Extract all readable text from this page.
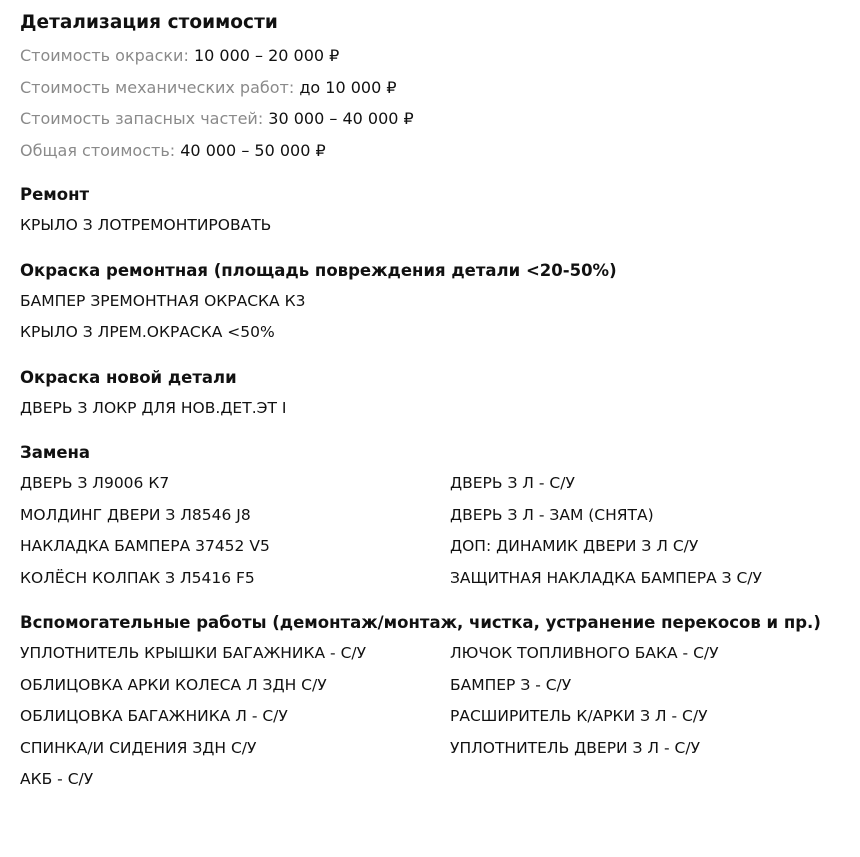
Детализация стоимости
Стоимость окраски: 10 000 – 20 000 ₽
Стоимость механических работ: до 10 000 ₽
Стоимость запасных частей: 30 000 – 40 000 ₽
Общая стоимость: 40 000 – 50 000 ₽
Ремонт
КРЫЛО З ЛОТРЕМОНТИРОВАТЬ
Окраска ремонтная (площадь повреждения детали <20-50%)
БАМПЕР ЗРЕМОНТНАЯ ОКРАСКА К3
КРЫЛО З ЛРЕМ.ОКРАСКА <50%
Окраска новой детали
ДВЕРЬ З ЛОКР ДЛЯ НОВ.ДЕТ.ЭТ I
Замена
ДВЕРЬ З Л9006 К7	ДВЕРЬ З Л - С/У
МОЛДИНГ ДВЕРИ З Л8546 J8	ДВЕРЬ З Л - ЗАМ (СНЯТА)
НАКЛАДКА БАМПЕРА 37452 V5	ДОП: ДИНАМИК ДВЕРИ З Л С/У
КОЛЁСН КОЛПАК З Л5416 F5	ЗАЩИТНАЯ НАКЛАДКА БАМПЕРА З С/У
Вспомогательные работы (демонтаж/монтаж, чистка, устранение перекосов и пр.)
УПЛОТНИТЕЛЬ КРЫШКИ БАГАЖНИКА - С/У	ЛЮЧОК ТОПЛИВНОГО БАКА - С/У
ОБЛИЦОВКА АРКИ КОЛЕСА Л ЗДН С/У	БАМПЕР З - С/У
ОБЛИЦОВКА БАГАЖНИКА Л - С/У	РАСШИРИТЕЛЬ К/АРКИ З Л - С/У
СПИНКА/И СИДЕНИЯ ЗДН С/У	УПЛОТНИТЕЛЬ ДВЕРИ З Л - С/У
АКБ - С/У
